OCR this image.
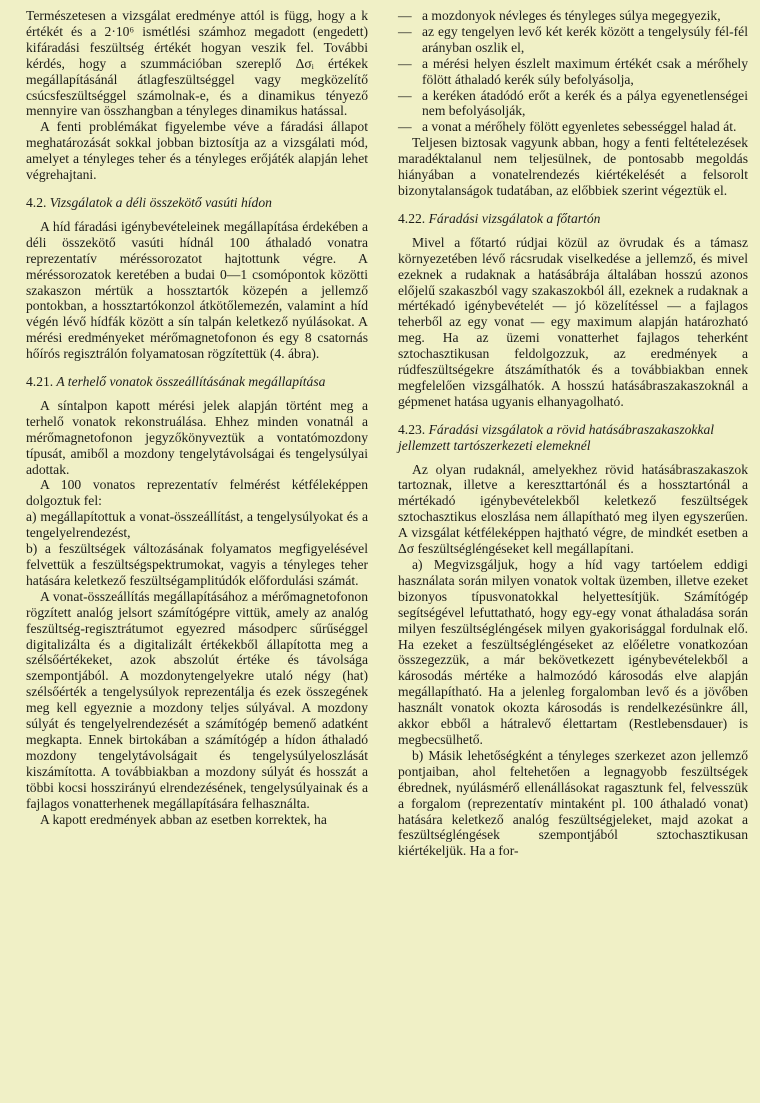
Természetesen a vizsgálat eredménye attól is függ, hogy a k értékét és a 2·10⁶ ismétlési számhoz megadott (engedett) kifáradási feszültség értékét hogyan veszik fel. További kérdés, hogy a szummációban szereplő Δσᵢ értékek megállapításánál átlagfeszültséggel vagy megközelítő csúcsfeszültséggel számolnak-e, és a dinamikus tényező mennyire van összhangban a tényleges dinamikus hatással.

A fenti problémákat figyelembe véve a fáradási állapot meghatározását sokkal jobban biztosítja az a vizsgálati mód, amelyet a tényleges teher és a tényleges erőjáték alapján lehet végrehajtani.

4.2. Vizsgálatok a déli összekötő vasúti hídon

A híd fáradási igénybevételeinek megállapítása érdekében a déli összekötő vasúti hídnál 100 áthaladó vonatra reprezentatív méréssorozatot hajtottunk végre. A méréssorozatok keretében a budai 0—1 csomópontok közötti szakaszon mértük a hossztartók közepén a jellemző pontokban, a hossztartókonzol átkötőlemezén, valamint a híd végén lévő hídfák között a sín talpán keletkező nyúlásokat. A mérési eredményeket mérőmagnetofonon és egy 8 csatornás hőírós regisztrálón folyamatosan rögzítettük (4. ábra).

4.21. A terhelő vonatok összeállításának megállapítása

A síntalpon kapott mérési jelek alapján történt meg a terhelő vonatok rekonstruálása. Ehhez minden vonatnál a mérőmagnetofonon jegyzőkönyveztük a vontatómozdony típusát, amiből a mozdony tengelytávolságai és tengelysúlyai adottak.

A 100 vonatos reprezentatív felmérést kétféleképpen dolgoztuk fel:

a) megállapítottuk a vonat-összeállítást, a tengelysúlyokat és a tengelyelrendezést,

b) a feszültségek változásának folyamatos megfigyelésével felvettük a feszültségspektrumokat, vagyis a tényleges teher hatására keletkező feszültségamplitúdók előfordulási számát.

A vonat-összeállítás megállapításához a mérőmagnetofonon rögzített analóg jelsort számítógépre vittük, amely az analóg feszültség-regisztrátumot egyezred másodperc sűrűséggel digitalizálta és a digitalizált értékekből állapította meg a szélsőértékeket, azok abszolút értéke és távolsága szempontjából. A mozdonytengelyekre utaló négy (hat) szélsőérték a tengelysúlyok reprezentálja és ezek összegének meg kell egyeznie a mozdony teljes súlyával. A mozdony súlyát és tengelyelrendezését a számítógép bemenő adatként megkapta. Ennek birtokában a számítógép a hídon áthaladó mozdony tengelytávolságait és tengelysúlyeloszlását kiszámította. A továbbiakban a mozdony súlyát és hosszát a többi kocsi hosszirányú elrendezésének, tengelysúlyainak és a fajlagos vonatterhenek megállapítására felhasználta.

A kapott eredmények abban az esetben korrektek, ha

— a mozdonyok névleges és tényleges súlya megegyezik,
— az egy tengelyen levő két kerék között a tengelysúly fél-fél arányban oszlik el,
— a mérési helyen észlelt maximum értékét csak a mérőhely fölött áthaladó kerék súly befolyásolja,
— a keréken átadódó erőt a kerék és a pálya egyenetlenségei nem befolyásolják,
— a vonat a mérőhely fölött egyenletes sebességgel halad át.

Teljesen biztosak vagyunk abban, hogy a fenti feltételezések maradéktalanul nem teljesülnek, de pontosabb megoldás hiányában a vonatelrendezés kiértékelését a felsorolt bizonytalanságok tudatában, az előbbiek szerint végeztük el.

4.22. Fáradási vizsgálatok a főtartón

Mivel a főtartó rúdjai közül az övrudak és a támasz környezetében lévő rácsrudak viselkedése a jellemző, és mivel ezeknek a rudaknak a hatásábrája általában hosszú azonos előjelű szakaszból vagy szakaszokból áll, ezeknek a rudaknak a mértékadó igénybevételét — jó közelítéssel — a fajlagos teherből az egy vonat — egy maximum alapján határozható meg. Ha az üzemi vonatterhet fajlagos teherként sztochasztikusan feldolgozzuk, az eredmények a rúdfeszültségekre átszámíthatók és a továbbiakban ennek megfelelően vizsgálhatók. A hosszú hatásábraszakaszoknál a gépmenet hatása ugyanis elhanyagolható.

4.23. Fáradási vizsgálatok a rövid hatásábraszakaszokkal jellemzett tartószerkezeti elemeknél

Az olyan rudaknál, amelyekhez rövid hatásábraszakaszok tartoznak, illetve a kereszttartónál és a hossztartónál a mértékadó igénybevételekből keletkező feszültségek sztochasztikus eloszlása nem állapítható meg ilyen egyszerűen. A vizsgálat kétféleképpen hajtható végre, de mindkét esetben a Δσ feszültségléngéseket kell megállapítani.

a) Megvizsgáljuk, hogy a híd vagy tartóelem eddigi használata során milyen vonatok voltak üzemben, illetve ezeket bizonyos típusvonatokkal helyettesítjük. Számítógép segítségével lefuttatható, hogy egy-egy vonat áthaladása során milyen feszültségléngések milyen gyakorisággal fordulnak elő. Ha ezeket a feszültségléngéseket az előéletre vonatkozóan összegezzük, a már bekövetkezett igénybevételekből a károsodás mértéke a halmozódó károsodás elve alapján megállapítható. Ha a jelenleg forgalomban levő és a jövőben használt vonatok okozta károsodás is rendelkezésünkre áll, akkor ebből a hátralevő élettartam (Restlebensdauer) is megbecsülhető.

b) Másik lehetőségként a tényleges szerkezet azon jellemző pontjaiban, ahol feltehetően a legnagyobb feszültségek ébrednek, nyúlásmérő ellenállásokat ragasztunk fel, felvesszük a forgalom (reprezentatív mintaként pl. 100 áthaladó vonat) hatására keletkező analóg feszültségjeleket, majd azokat a feszültségléngések szempontjából sztochasztikusan kiértékeljük. Ha a for-
